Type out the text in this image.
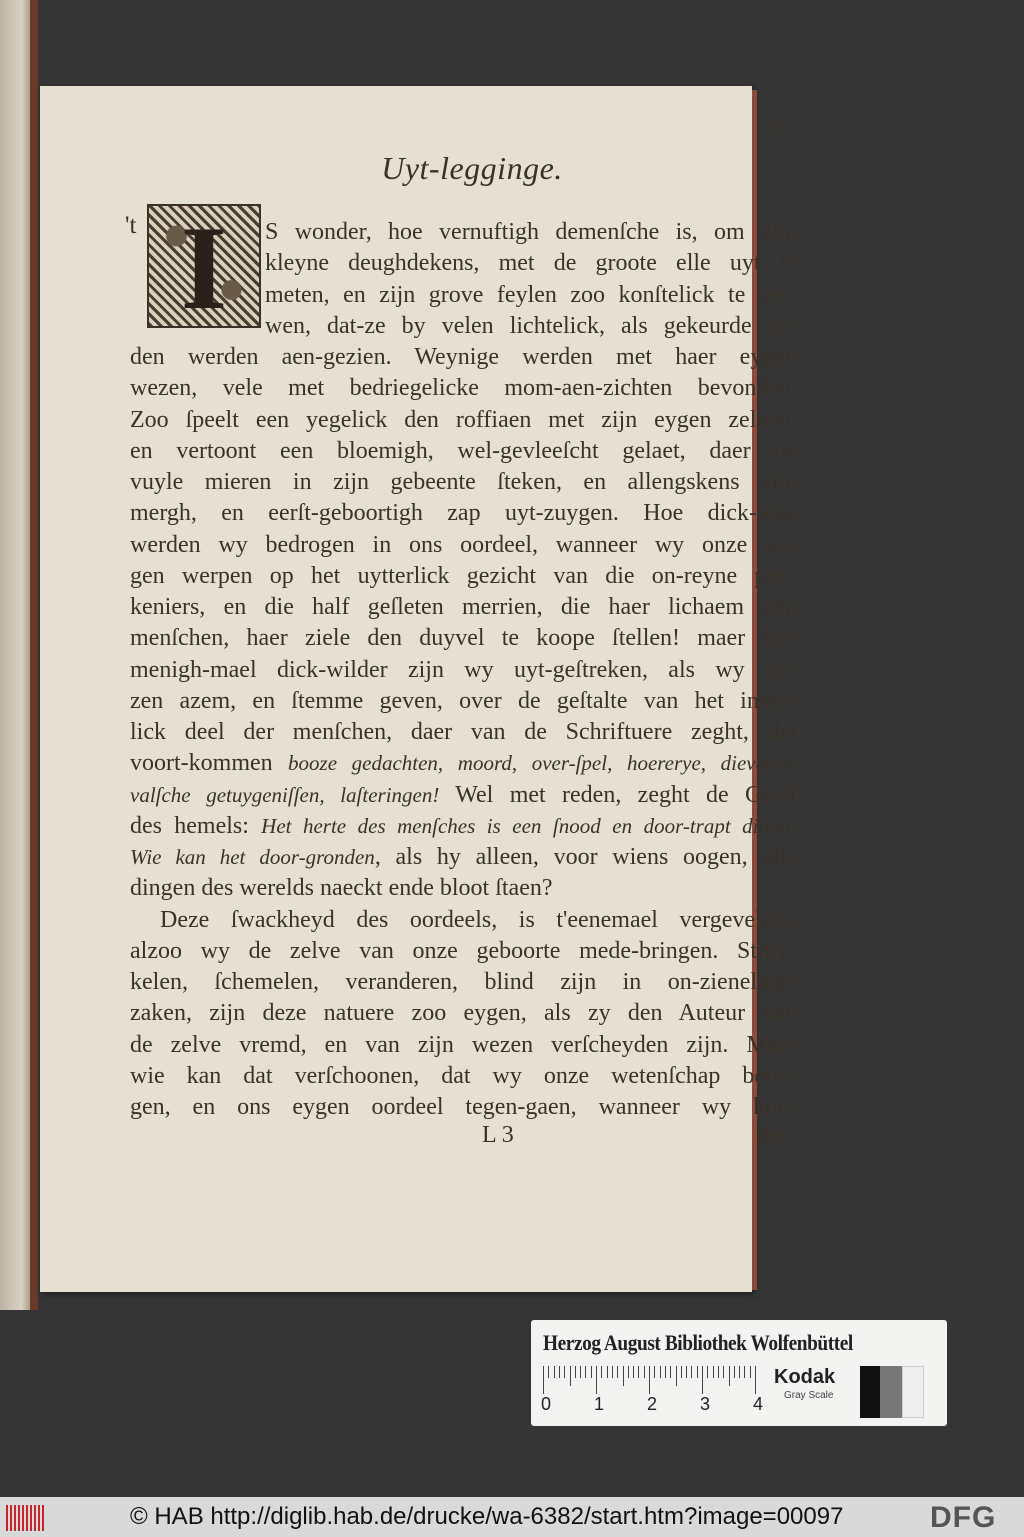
85
Uyt-legginge.
't I	S wonder, hoe vernuftigh demenſche is, om zijn
kleyne deughdekens, met de groote elle uyt te
meten, en zijn grove feylen zoo konſtelick te ver-
wen, dat-ze by velen lichtelick, als gekeurde ze-
den werden aen-gezien. Weynige werden met haer eygen
wezen, vele met bedriegelicke mom-aen-zichten bevonden.
Zoo ſpeelt een yegelick den roffiaen met zijn eygen zelven,
en vertoont een bloemigh, wel-gevleeſcht gelaet, daer de
vuyle mieren in zijn gebeente ſteken, en allengskens zijn
mergh, en eerſt-geboortigh zap uyt-zuygen. Hoe dick-wils
werden wy bedrogen in ons oordeel, wanneer wy onze oo-
gen werpen op het uytterlick gezicht van die on-reyne poc-
keniers, en die half geſleten merrien, die haer lichaem den
menſchen, haer ziele den duyvel te koope ſtellen! maer hoe
menigh-mael dick-wilder zijn wy uyt-geſtreken, als wy on-
zen azem, en ſtemme geven, over de geſtalte van het inner-
lick deel der menſchen, daer van de Schriftuere zeght, dat
voort-kommen booze gedachten, moord, over-ſpel, hoererye, dieverye,
valſche getuygeniſſen, laſteringen! Wel met reden, zeght de Geeſt
des hemels: Het herte des menſches is een ſnood en door-trapt dingh:
Wie kan het door-gronden, als hy alleen, voor wiens oogen, alle
dingen des werelds naeckt ende bloot ſtaen?
Deze ſwackheyd des oordeels, is t'eenemael vergevelick,
alzoo wy de zelve van onze geboorte mede-bringen. Struy-
kelen, ſchemelen, veranderen, blind zijn in on-zienelicke
zaken, zijn deze natuere zoo eygen, als zy den Auteur van
de zelve vremd, en van zijn wezen verſcheyden zijn. Maer
wie kan dat verſchoonen, dat wy onze wetenſchap belie-
gen, en ons eygen oordeel tegen-gaen, wanneer wy kon-
L 3	den
Herzog August Bibliothek Wolfenbüttel
0 1 2 3 4
Kodak
Gray Scale
© HAB http://diglib.hab.de/drucke/wa-6382/start.htm?image=00097	DFG
